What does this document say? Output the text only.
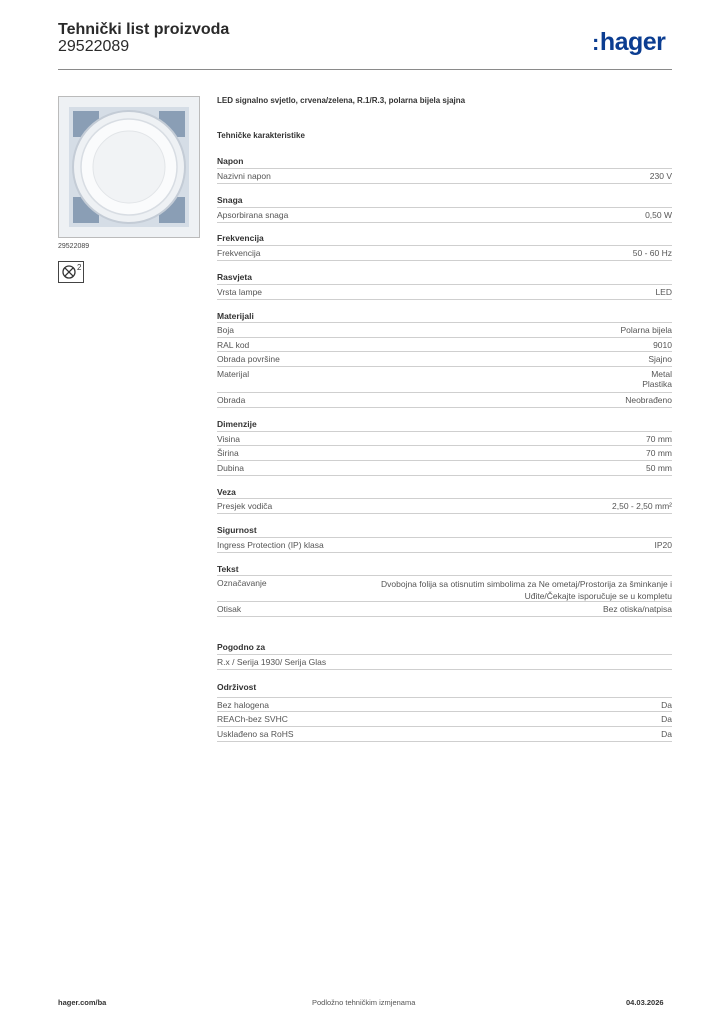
Tehnički list proizvoda
29522089	:hager
29522089
2
LED signalno svjetlo, crvena/zelena, R.1/R.3, polarna bijela sjajna
Tehničke karakteristike
Napon
Nazivni napon	230 V
Snaga
Apsorbirana snaga	0,50 W
Frekvencija
Frekvencija	50 - 60 Hz
Rasvjeta
Vrsta lampe	LED
Materijali
Boja	Polarna bijela
RAL kod	9010
Obrada površine	Sjajno
Materijal	Metal
Plastika
Obrada	Neobrađeno
Dimenzije
Visina	70 mm
Širina	70 mm
Dubina	50 mm
Veza
Presjek vodiča	2,50 - 2,50 mm²
Sigurnost
Ingress Protection (IP) klasa	IP20
Tekst
Označavanje	Dvobojna folija sa otisnutim simbolima za Ne ometaj/Prostorija za šminkanje i
Uđite/Čekajte isporučuje se u kompletu
Otisak	Bez otiska/natpisa
Pogodno za
R.x / Serija 1930/ Serija Glas
Održivost
Bez halogena	Da
REACh-bez SVHC	Da
Usklađeno sa RoHS	Da
hager.com/ba	Podložno tehničkim izmjenama	04.03.2026
